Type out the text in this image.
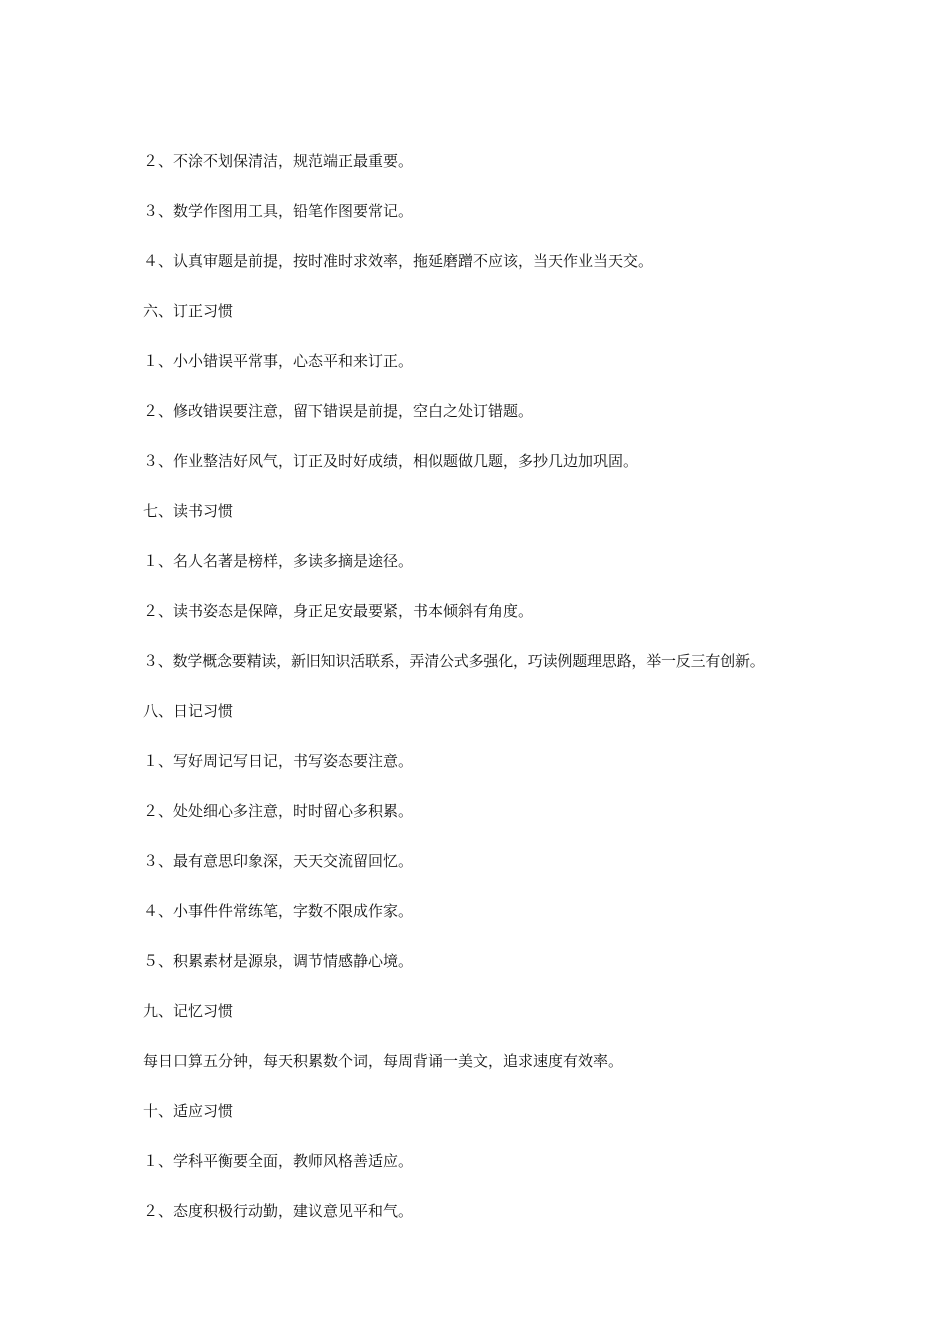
２、不涂不划保清洁，规范端正最重要。
３、数学作图用工具，铅笔作图要常记。
４、认真审题是前提，按时准时求效率，拖延磨蹭不应该，当天作业当天交。
六、订正习惯
１、小小错误平常事，心态平和来订正。
２、修改错误要注意，留下错误是前提，空白之处订错题。
３、作业整洁好风气，订正及时好成绩，相似题做几题，多抄几边加巩固。
七、读书习惯
１、名人名著是榜样，多读多摘是途径。
２、读书姿态是保障，身正足安最要紧，书本倾斜有角度。
３、数学概念要精读，新旧知识活联系，弄清公式多强化，巧读例题理思路，举一反三有创新。
八、日记习惯
１、写好周记写日记，书写姿态要注意。
２、处处细心多注意，时时留心多积累。
３、最有意思印象深，天天交流留回忆。
４、小事件件常练笔，字数不限成作家。
５、积累素材是源泉，调节情感静心境。
九、记忆习惯
每日口算五分钟，每天积累数个词，每周背诵一美文，追求速度有效率。
十、适应习惯
１、学科平衡要全面，教师风格善适应。
２、态度积极行动勤，建议意见平和气。
